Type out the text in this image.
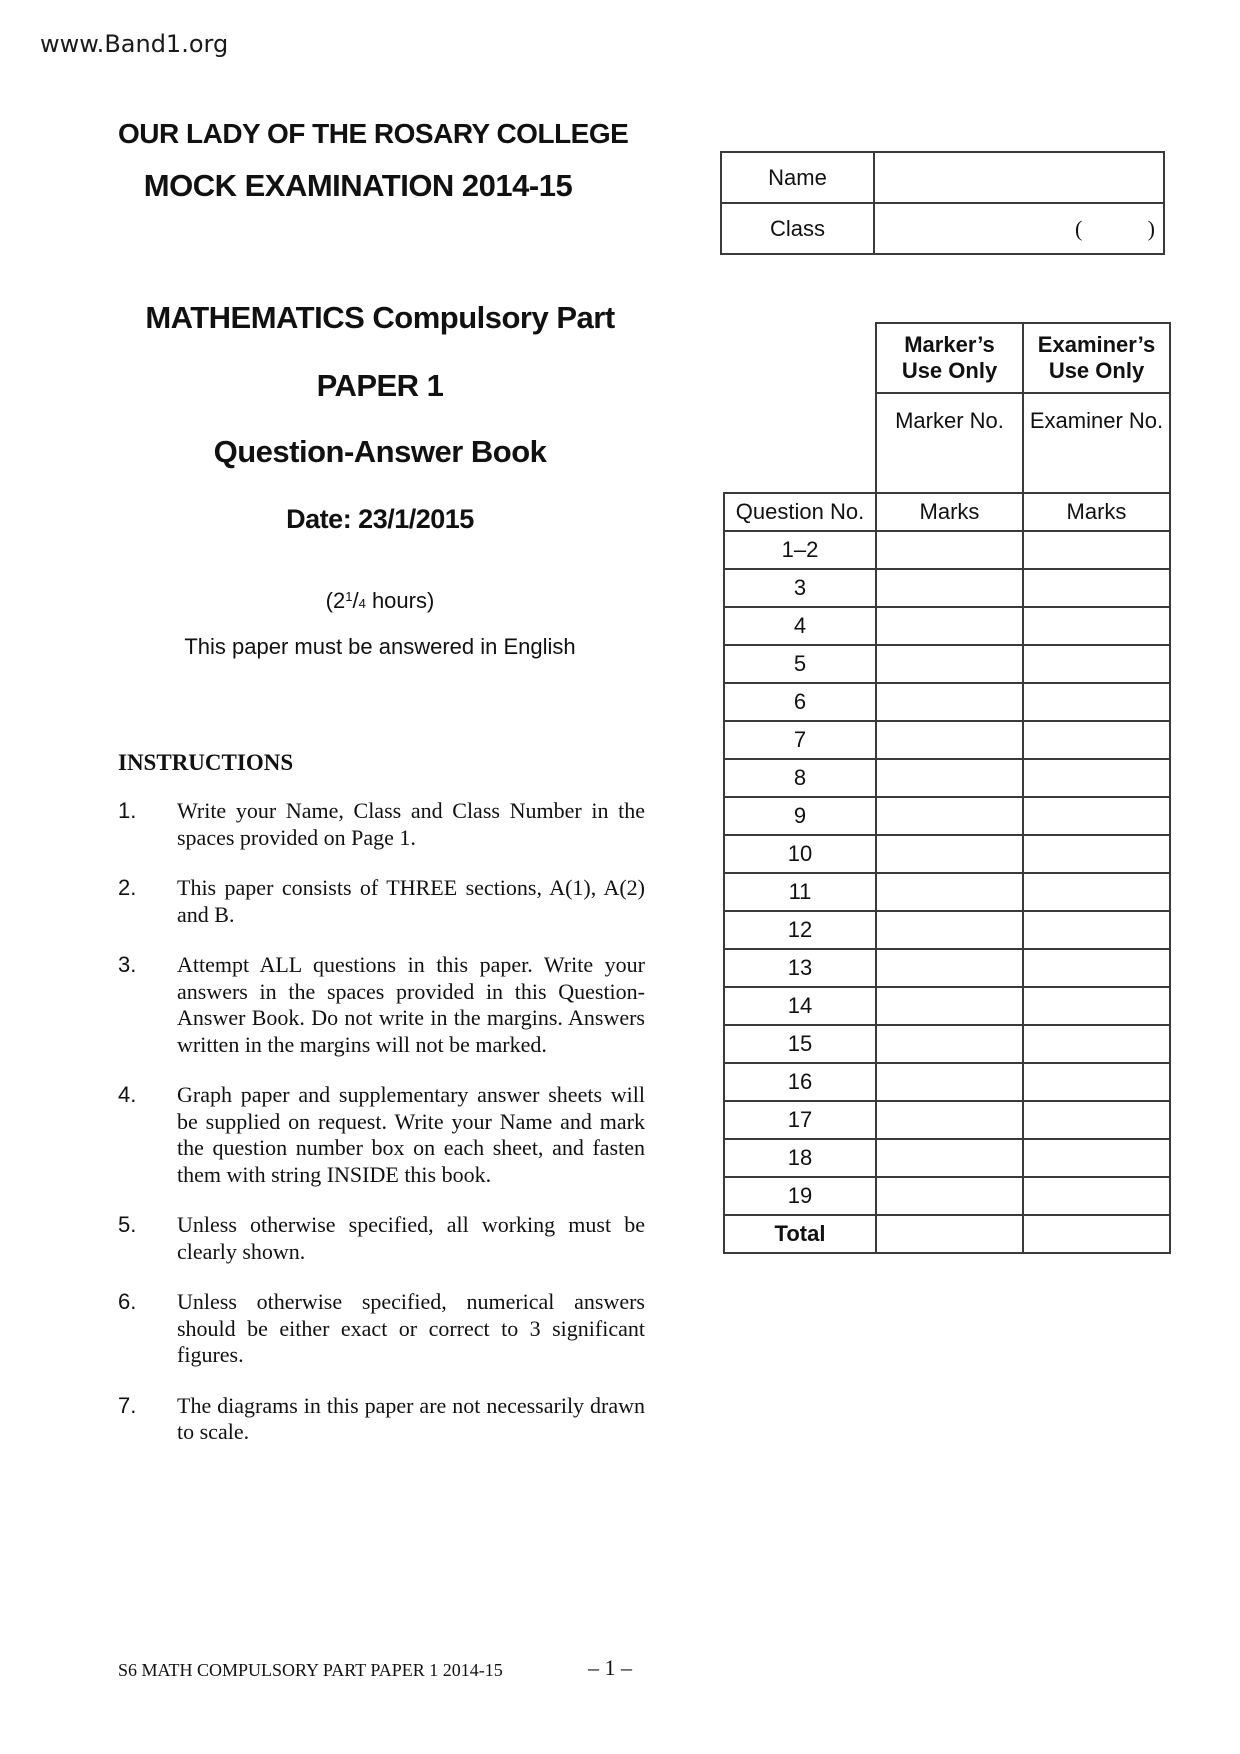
www.Band1.org
OUR LADY OF THE ROSARY COLLEGE
MOCK EXAMINATION 2014-15
MATHEMATICS Compulsory Part
PAPER 1
Question-Answer Book
Date: 23/1/2015
($2^1/4$ hours)
This paper must be answered in English
Name	
Class	( )

Marker’s
Use Only

Examiner’s
Use Only

	Marker No.	Examiner No.
Question No.	Marks	Marks
1–2		
3		
4		
5		
6		
7		
8		
9		
10		
11		
12		
13		
14		
15		
16		
17		
18		
19		
Total		
INSTRUCTIONS
1.	Write your Name, Class and Class Number in the spaces provided on Page 1.
2.	This paper consists of THREE sections, A(1), A(2) and B.
3.	Attempt ALL questions in this paper. Write your answers in the spaces provided in this Question-Answer Book. Do not write in the margins. Answers written in the margins will not be marked.
4.	Graph paper and supplementary answer sheets will be supplied on request. Write your Name and mark the question number box on each sheet, and fasten them with string INSIDE this book.
5.	Unless otherwise specified, all working must be clearly shown.
6.	Unless otherwise specified, numerical answers should be either exact or correct to 3 significant figures.
7.	The diagrams in this paper are not necessarily drawn to scale.
S6 MATH COMPULSORY PART PAPER 1 2014-15	– 1 –
